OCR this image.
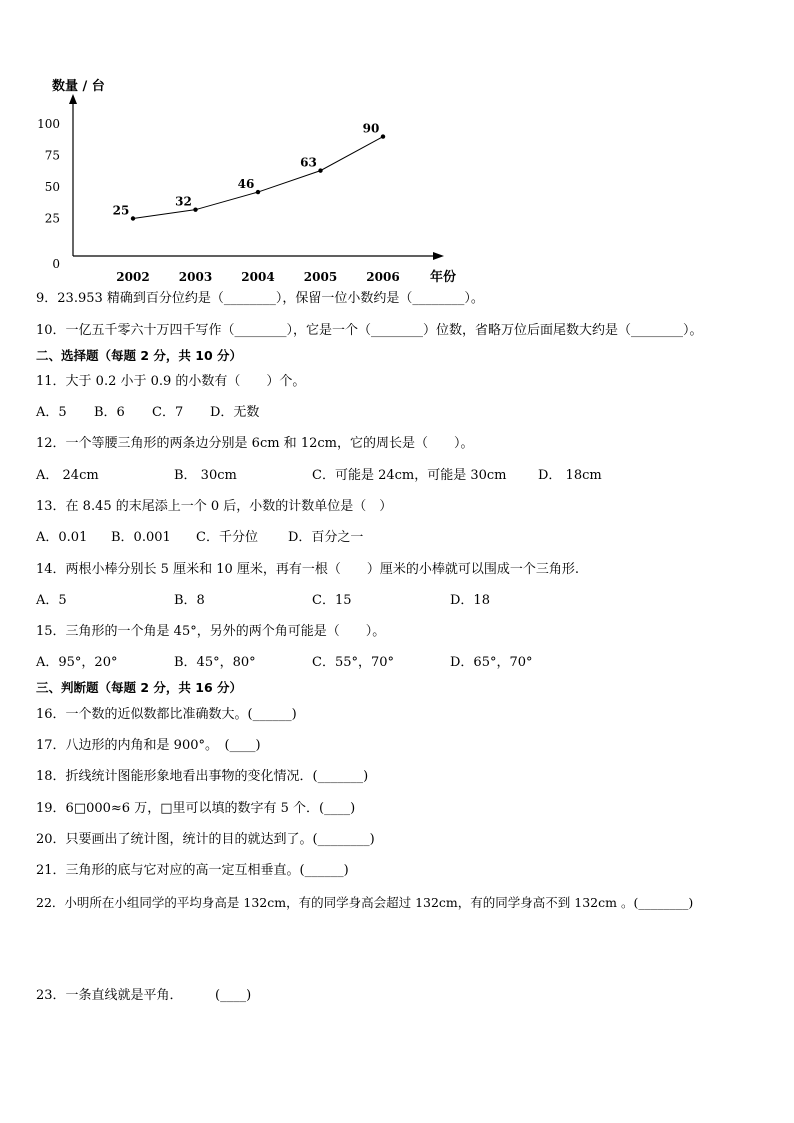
数量 / 台
年份
0
25
50
75
100
2002 2003 2004 2005 2006
25
32
46
63
90
9．23.953 精确到百分位约是（________），保留一位小数约是（________）。
10．一亿五千零六十万四千写作（________），它是一个（________）位数，省略万位后面尾数大约是（________）。
二、选择题（每题 2 分，共 10 分）
11．大于 0.2 小于 0.9 的小数有（　　）个。
A．5 B．6 C．7 D．无数
12．一个等腰三角形的两条边分别是 6cm 和 12cm，它的周长是（　　）。
A． 24cm	B． 30cm	C．可能是 24cm，可能是 30cm D． 18cm
13．在 8.45 的末尾添上一个 0 后，小数的计数单位是（　）
A．0.01 B．0.001 C．千分位 D．百分之一
14．两根小棒分别长 5 厘米和 10 厘米，再有一根（　　）厘米的小棒就可以围成一个三角形.
A．5	B．8	C．15	D．18
15．三角形的一个角是 45°，另外的两个角可能是（　　）。
A．95°，20°	B．45°，80°	C．55°，70°	D．65°，70°
三、判断题（每题 2 分，共 16 分）
16．一个数的近似数都比准确数大。(______)
17．八边形的内角和是 900°。　(____)
18．折线统计图能形象地看出事物的变化情况．(_______)
19．6□000≈6 万，□里可以填的数字有 5 个．(____)
20．只要画出了统计图，统计的目的就达到了。(________)
21．三角形的底与它对应的高一定互相垂直。(______)
22．小明所在小组同学的平均身高是 132cm，有的同学身高会超过 132cm，有的同学身高不到 132cm 。(________)
23．一条直线就是平角．　　　(____)
